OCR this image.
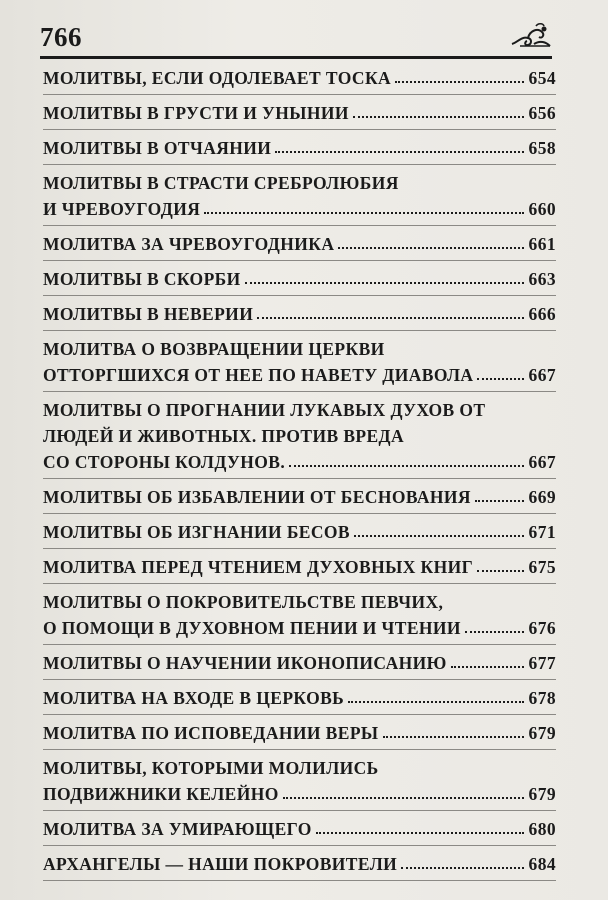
766
МОЛИТВЫ, ЕСЛИ ОДОЛЕВАЕТ ТОСКА	654
МОЛИТВЫ В ГРУСТИ И УНЫНИИ	656
МОЛИТВЫ В ОТЧАЯНИИ	658
МОЛИТВЫ В СТРАСТИ СРЕБРОЛЮБИЯ
И ЧРЕВОУГОДИЯ	660
МОЛИТВА ЗА ЧРЕВОУГОДНИКА	661
МОЛИТВЫ В СКОРБИ	663
МОЛИТВЫ В НЕВЕРИИ	666
МОЛИТВА О ВОЗВРАЩЕНИИ ЦЕРКВИ
ОТТОРГШИХСЯ ОТ НЕЕ ПО НАВЕТУ ДИАВОЛА	667
МОЛИТВЫ О ПРОГНАНИИ ЛУКАВЫХ ДУХОВ ОТ
ЛЮДЕЙ И ЖИВОТНЫХ. ПРОТИВ ВРЕДА
СО СТОРОНЫ КОЛДУНОВ.	667
МОЛИТВЫ ОБ ИЗБАВЛЕНИИ ОТ БЕСНОВАНИЯ	669
МОЛИТВЫ ОБ ИЗГНАНИИ БЕСОВ	671
МОЛИТВА ПЕРЕД ЧТЕНИЕМ ДУХОВНЫХ КНИГ	675
МОЛИТВЫ О ПОКРОВИТЕЛЬСТВЕ ПЕВЧИХ,
О ПОМОЩИ В ДУХОВНОМ ПЕНИИ И ЧТЕНИИ	676
МОЛИТВЫ О НАУЧЕНИИ ИКОНОПИСАНИЮ	677
МОЛИТВА НА ВХОДЕ В ЦЕРКОВЬ	678
МОЛИТВА ПО ИСПОВЕДАНИИ ВЕРЫ	679
МОЛИТВЫ, КОТОРЫМИ МОЛИЛИСЬ
ПОДВИЖНИКИ КЕЛЕЙНО	679
МОЛИТВА ЗА УМИРАЮЩЕГО	680
АРХАНГЕЛЫ — НАШИ ПОКРОВИТЕЛИ	684
